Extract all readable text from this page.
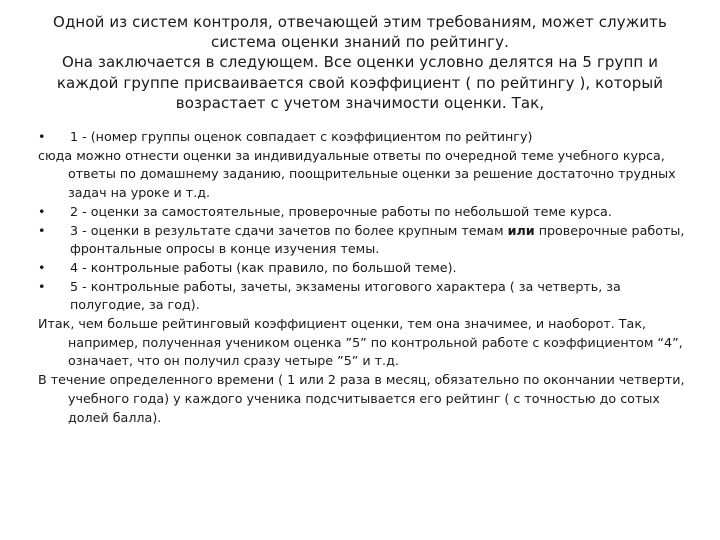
Одной из систем контроля, отвечающей этим требованиям, может служить система оценки знаний по рейтингу.

Она заключается в следующем. Все оценки условно делятся на 5 групп и каждой группе присваивается свой коэффициент ( по рейтингу ), который возрастает с учетом значимости оценки. Так,

•	1 - (номер группы оценок совпадает с коэффициентом по рейтингу)

сюда можно отнести оценки за индивидуальные ответы по очередной теме учебного курса, ответы по домашнему заданию, поощрительные оценки за решение достаточно трудных задач на уроке и т.д.

•	2 - оценки за самостоятельные, проверочные работы по небольшой теме курса.

•	3 - оценки в результате сдачи зачетов по более крупным темам или проверочные работы, фронтальные опросы в конце изучения темы.

•	4 - контрольные работы (как правило, по большой теме).

•	5 - контрольные работы, зачеты, экзамены итогового характера ( за четверть, за полугодие, за год).

Итак, чем больше рейтинговый коэффициент оценки, тем она значимее, и наоборот. Так, например, полученная учеником оценка ”5” по контрольной работе с коэффициентом “4”, означает, что он получил сразу четыре ”5” и т.д.

В течение определенного времени ( 1 или 2 раза в месяц, обязательно по окончании четверти, учебного года) у каждого ученика подсчитывается его рейтинг ( с точностью до сотых долей балла).
